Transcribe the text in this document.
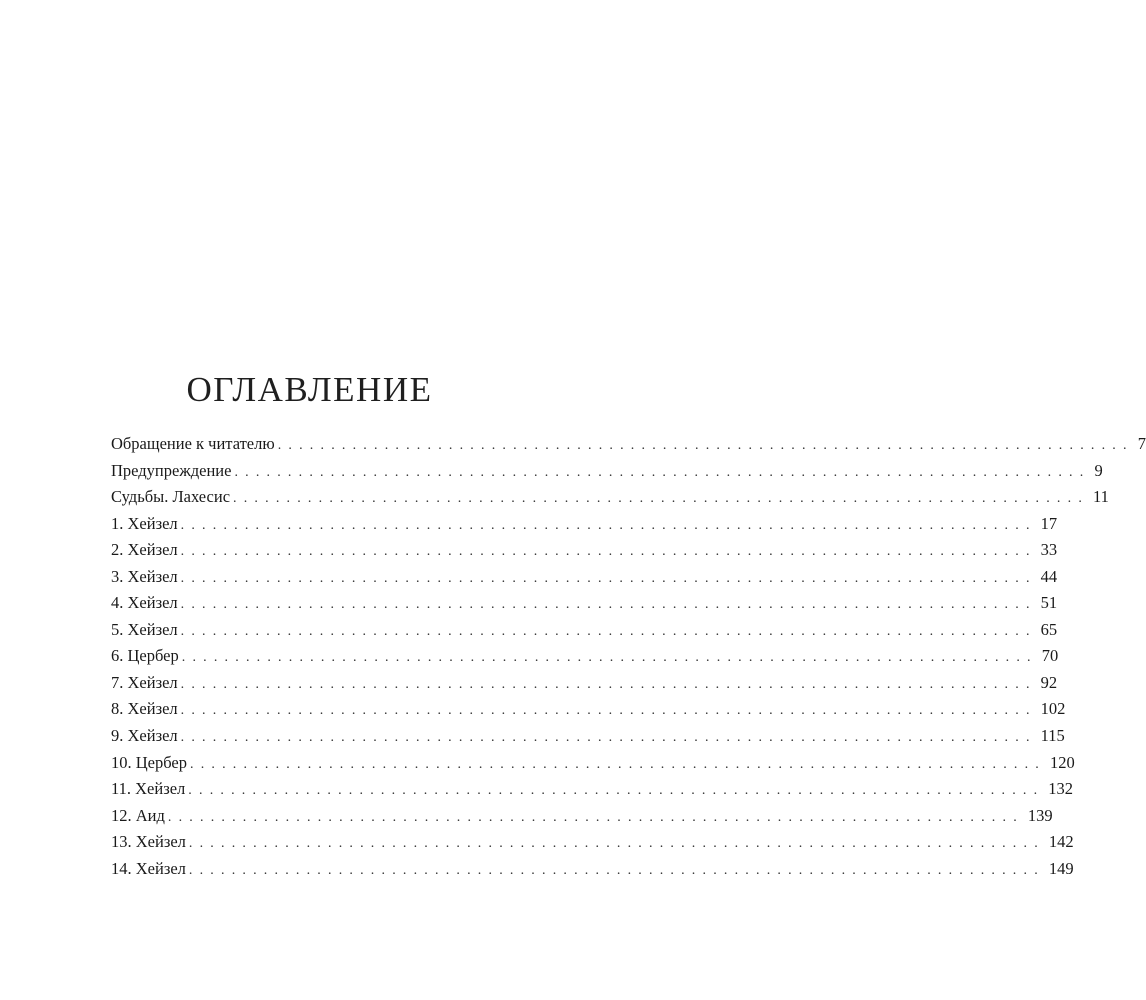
ОГЛАВЛЕНИЕ
Обращение к читателю ................................................................................ 7
Предупреждение ................................................................................ 9
Судьбы. Лахесис ................................................................................ 11
1. Хейзел ................................................................................ 17
2. Хейзел ................................................................................ 33
3. Хейзел ................................................................................ 44
4. Хейзел ................................................................................ 51
5. Хейзел ................................................................................ 65
6. Цербер ................................................................................ 70
7. Хейзел ................................................................................ 92
8. Хейзел ................................................................................ 102
9. Хейзел ................................................................................ 115
10. Цербер ................................................................................ 120
11. Хейзел ................................................................................ 132
12. Аид ................................................................................ 139
13. Хейзел ................................................................................ 142
14. Хейзел ................................................................................ 149
